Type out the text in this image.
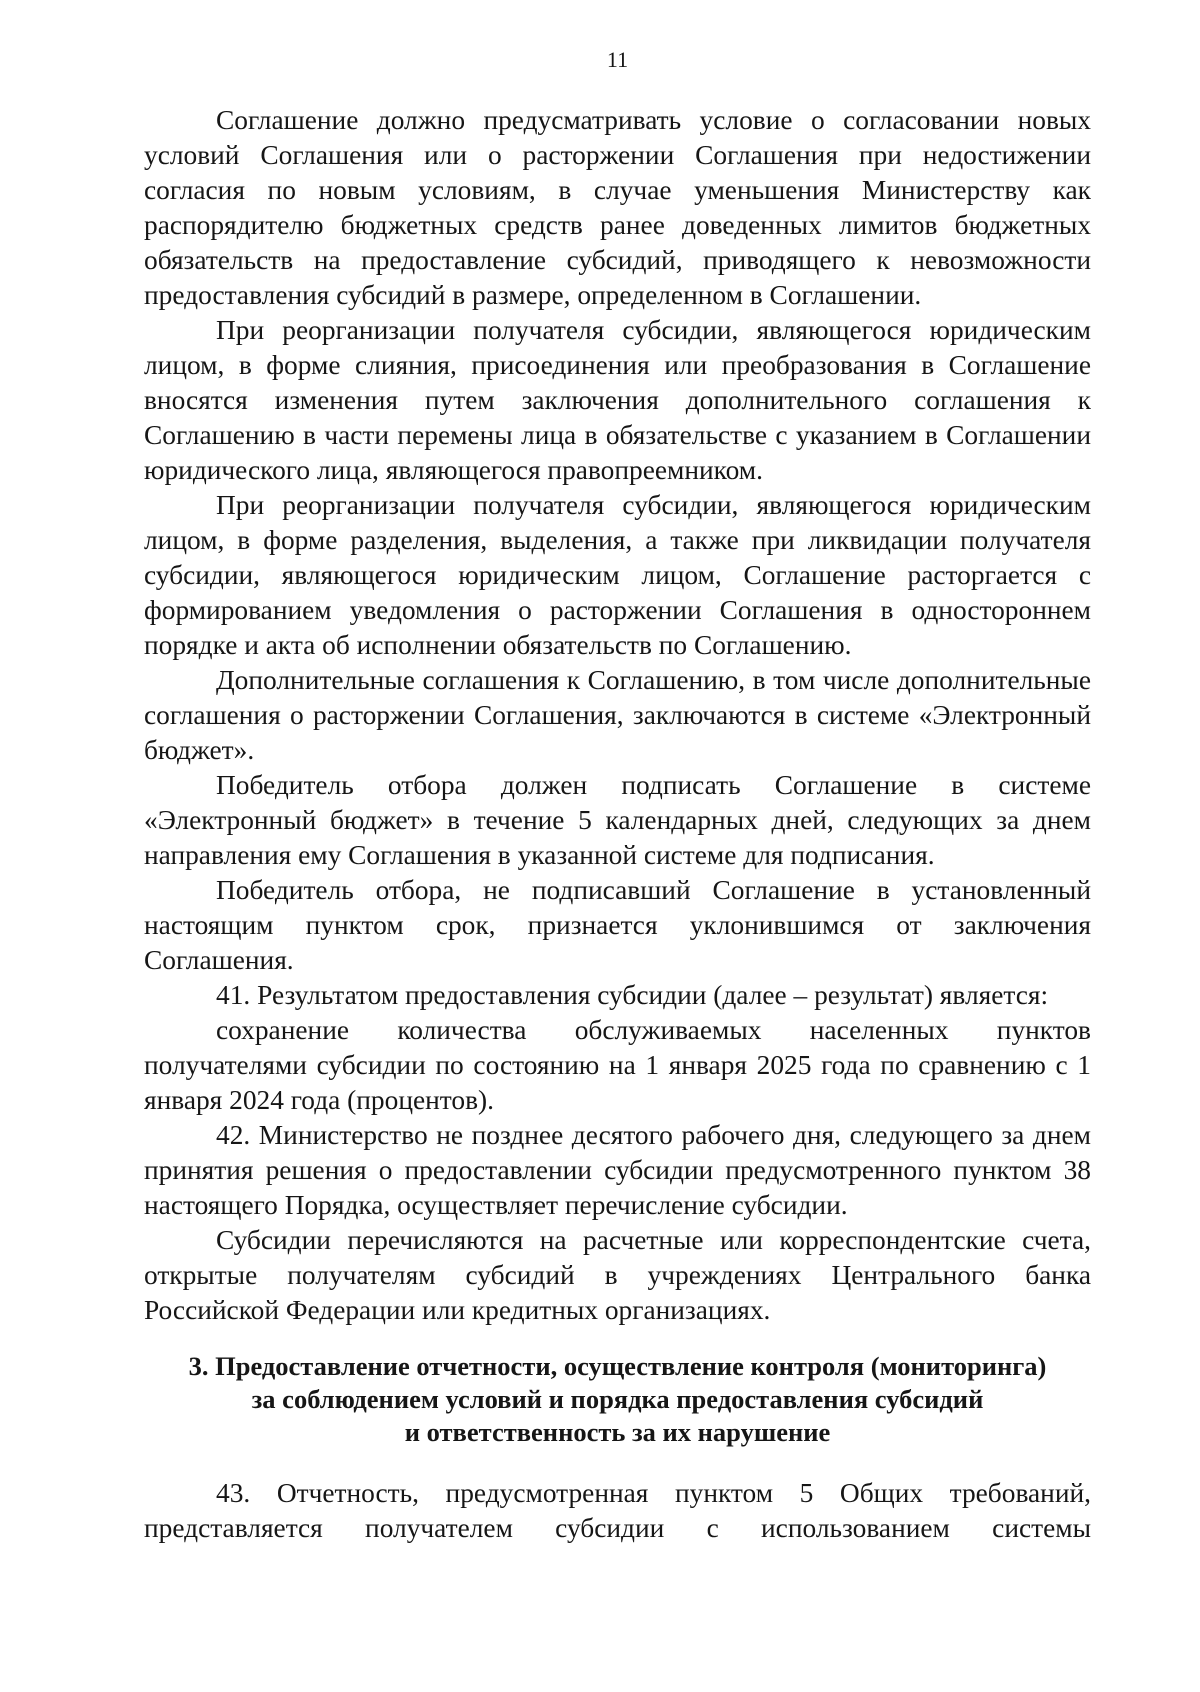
11

Соглашение должно предусматривать условие о согласовании новых условий Соглашения или о расторжении Соглашения при недостижении согласия по новым условиям, в случае уменьшения Министерству как распорядителю бюджетных средств ранее доведенных лимитов бюджетных обязательств на предоставление субсидий, приводящего к невозможности предоставления субсидий в размере, определенном в Соглашении.

При реорганизации получателя субсидии, являющегося юридическим лицом, в форме слияния, присоединения или преобразования в Соглашение вносятся изменения путем заключения дополнительного соглашения к Соглашению в части перемены лица в обязательстве с указанием в Соглашении юридического лица, являющегося правопреемником.

При реорганизации получателя субсидии, являющегося юридическим лицом, в форме разделения, выделения, а также при ликвидации получателя субсидии, являющегося юридическим лицом, Соглашение расторгается с формированием уведомления о расторжении Соглашения в одностороннем порядке и акта об исполнении обязательств по Соглашению.

Дополнительные соглашения к Соглашению, в том числе дополнительные соглашения о расторжении Соглашения, заключаются в системе «Электронный бюджет».

Победитель отбора должен подписать Соглашение в системе «Электронный бюджет» в течение 5 календарных дней, следующих за днем направления ему Соглашения в указанной системе для подписания.

Победитель отбора, не подписавший Соглашение в установленный настоящим пунктом срок, признается уклонившимся от заключения Соглашения.

41. Результатом предоставления субсидии (далее – результат) является:

сохранение количества обслуживаемых населенных пунктов получателями субсидии по состоянию на 1 января 2025 года по сравнению с 1 января 2024 года (процентов).

42. Министерство не позднее десятого рабочего дня, следующего за днем принятия решения о предоставлении субсидии предусмотренного пунктом 38 настоящего Порядка, осуществляет перечисление субсидии.

Субсидии перечисляются на расчетные или корреспондентские счета, открытые получателям субсидий в учреждениях Центрального банка Российской Федерации или кредитных организациях.

3. Предоставление отчетности, осуществление контроля (мониторинга)
за соблюдением условий и порядка предоставления субсидий
и ответственность за их нарушение

43. Отчетность, предусмотренная пунктом 5 Общих требований, представляется получателем субсидии с использованием системы
